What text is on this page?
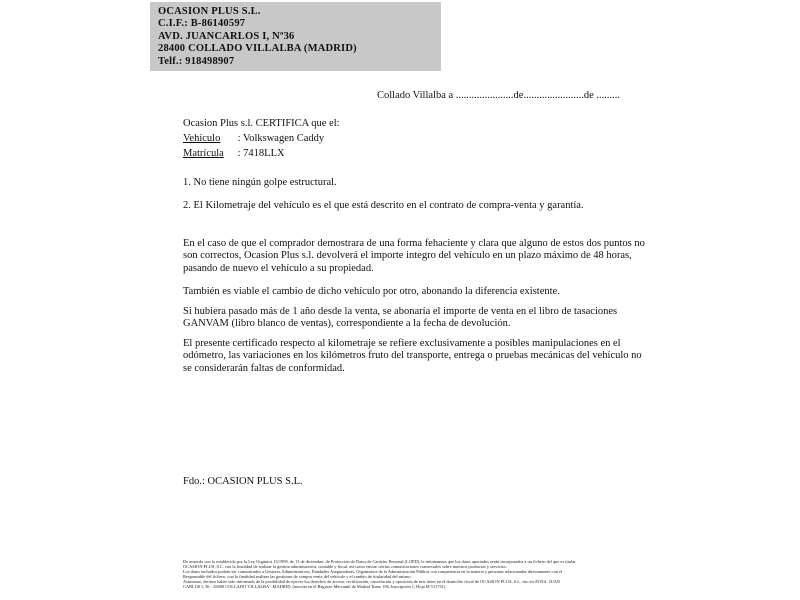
OCASION PLUS S.L.
C.I.F.: B-86140597
AVD. JUANCARLOS I, Nº36
28400 COLLADO VILLALBA (MADRID)
Telf.: 918498907
Collado Villalba a ......................de.......................de .........
Ocasion Plus s.l. CERTIFICA que el:
Vehículo : Volkswagen Caddy
Matrícula : 7418LLX
1. No tiene ningún golpe estructural.
2. El Kilometraje del vehículo es el que está descrito en el contrato de compra-venta y garantía.
En el caso de que el comprador demostrara de una forma fehaciente y clara que alguno de estos dos puntos no son correctos, Ocasion Plus s.l. devolverá el importe integro del vehículo en un plazo máximo de 48 horas, pasando de nuevo el vehículo a su propiedad.
También es viable el cambio de dicho vehículo por otro, abonando la diferencia existente.
Si hubiera pasado más de 1 año desde la venta, se abonaría el importe de venta en el libro de tasaciones GANVAM (libro blanco de ventas), correspondiente a la fecha de devolución.
El presente certificado respecto al kilometraje se refiere exclusivamente a posibles manipulaciones en el odómetro, las variaciones en los kilómetros fruto del transporte, entrega o pruebas mecánicas del vehículo no se considerarán faltas de conformidad.
Fdo.: OCASION PLUS S.L.
De acuerdo con lo establecido por la Ley Orgánica 15/1999, de 13 de diciembre, de Protección de Datos de Carácter Personal (LOPD), le informamos que los datos aportados serán incorporados a un fichero del que es titular
OCASIÓN PLUS, S.L. con la finalidad de realizar la gestión administrativa, contable y fiscal, así como enviar ciertas comunicaciones comerciales sobre nuestros productos y servicios.
Los datos incluidos podrán ser comunicados a Gestores Administrativos, Entidades Aseguradoras, Organismos de la Administración Pública con competencia en la materia y personas relacionadas directamente con el
Responsable del fichero, con la finalidad realizar las gestiones de compra venta del vehículo y el cambio de titularidad del mismo.
Asimismo, declaro haber sido informado de la posibilidad de ejercer los derechos de acceso, rectificación, cancelación y oposición de mis datos en el domicilio fiscal de OCASIÓN PLUS, S.L. sito en AVDA. JUAN
CARLOS I, 36 - 28400 COLLADO VILLALBA - MADRID. (inscrita en el Registro Mercantil de Madrid Tomo 194, Inscripción 1, Hoja M 511731)
